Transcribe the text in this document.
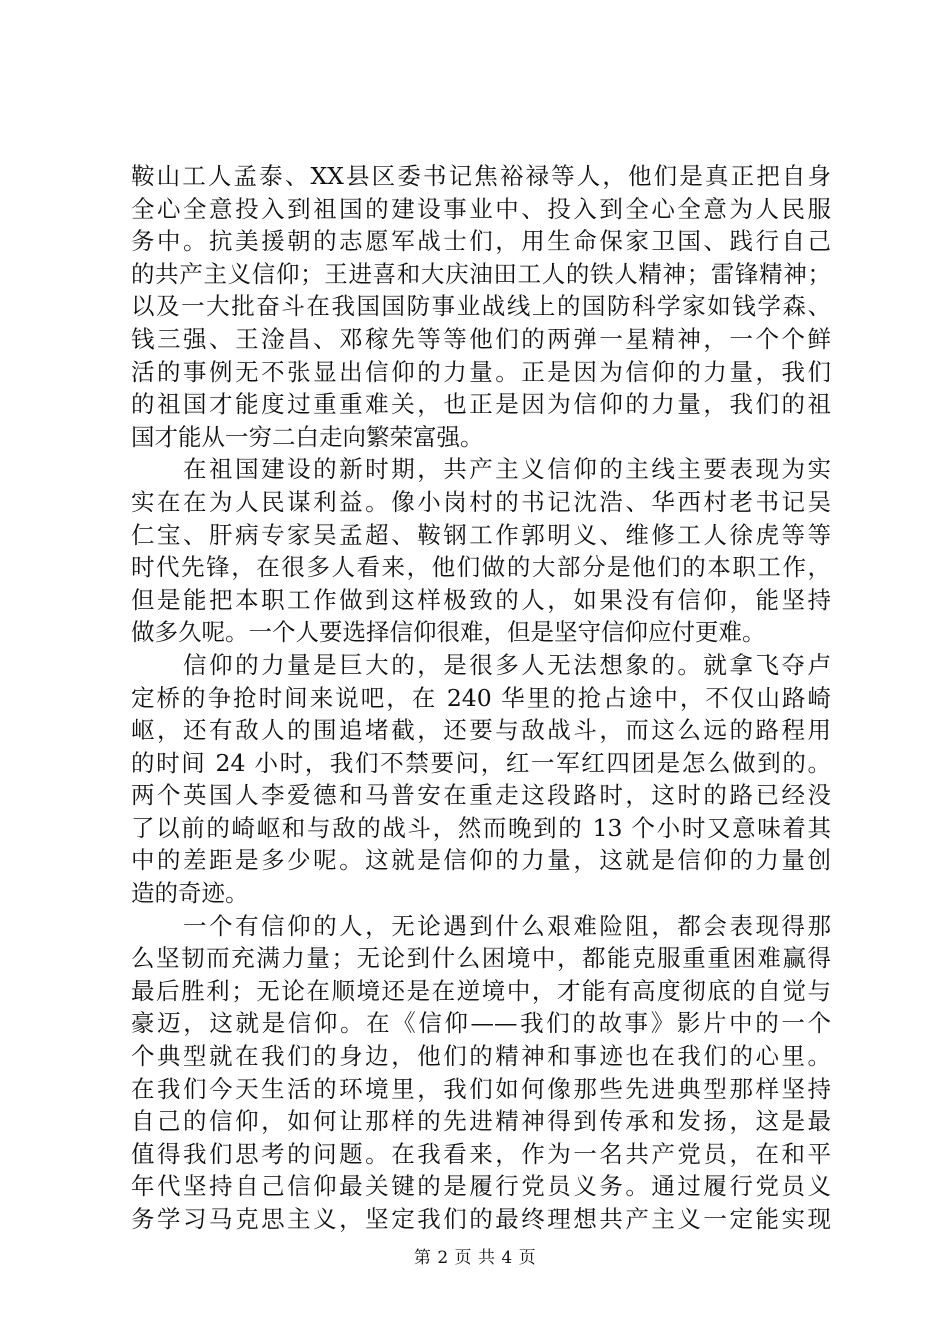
鞍山工人孟泰、XX县区委书记焦裕禄等人，他们是真正把自身
全心全意投入到祖国的建设事业中、投入到全心全意为人民服
务中。抗美援朝的志愿军战士们，用生命保家卫国、践行自己
的共产主义信仰；王进喜和大庆油田工人的铁人精神；雷锋精神；
以及一大批奋斗在我国国防事业战线上的国防科学家如钱学森、
钱三强、王淦昌、邓稼先等等他们的两弹一星精神，一个个鲜
活的事例无不张显出信仰的力量。正是因为信仰的力量，我们
的祖国才能度过重重难关，也正是因为信仰的力量，我们的祖
国才能从一穷二白走向繁荣富强。
　　在祖国建设的新时期，共产主义信仰的主线主要表现为实
实在在为人民谋利益。像小岗村的书记沈浩、华西村老书记吴
仁宝、肝病专家吴孟超、鞍钢工作郭明义、维修工人徐虎等等
时代先锋，在很多人看来，他们做的大部分是他们的本职工作，
但是能把本职工作做到这样极致的人，如果没有信仰，能坚持
做多久呢。一个人要选择信仰很难，但是坚守信仰应付更难。
　　信仰的力量是巨大的，是很多人无法想象的。就拿飞夺卢
定桥的争抢时间来说吧，在 240 华里的抢占途中，不仅山路崎
岖，还有敌人的围追堵截，还要与敌战斗，而这么远的路程用
的时间 24 小时，我们不禁要问，红一军红四团是怎么做到的。
两个英国人李爱德和马普安在重走这段路时，这时的路已经没
了以前的崎岖和与敌的战斗，然而晚到的 13 个小时又意味着其
中的差距是多少呢。这就是信仰的力量，这就是信仰的力量创
造的奇迹。
　　一个有信仰的人，无论遇到什么艰难险阻，都会表现得那
么坚韧而充满力量；无论到什么困境中，都能克服重重困难赢得
最后胜利；无论在顺境还是在逆境中，才能有高度彻底的自觉与
豪迈，这就是信仰。在《信仰——我们的故事》影片中的一个
个典型就在我们的身边，他们的精神和事迹也在我们的心里。
在我们今天生活的环境里，我们如何像那些先进典型那样坚持
自己的信仰，如何让那样的先进精神得到传承和发扬，这是最
值得我们思考的问题。在我看来，作为一名共产党员，在和平
年代坚持自己信仰最关键的是履行党员义务。通过履行党员义
务学习马克思主义，坚定我们的最终理想共产主义一定能实现
第 2 页 共 4 页
